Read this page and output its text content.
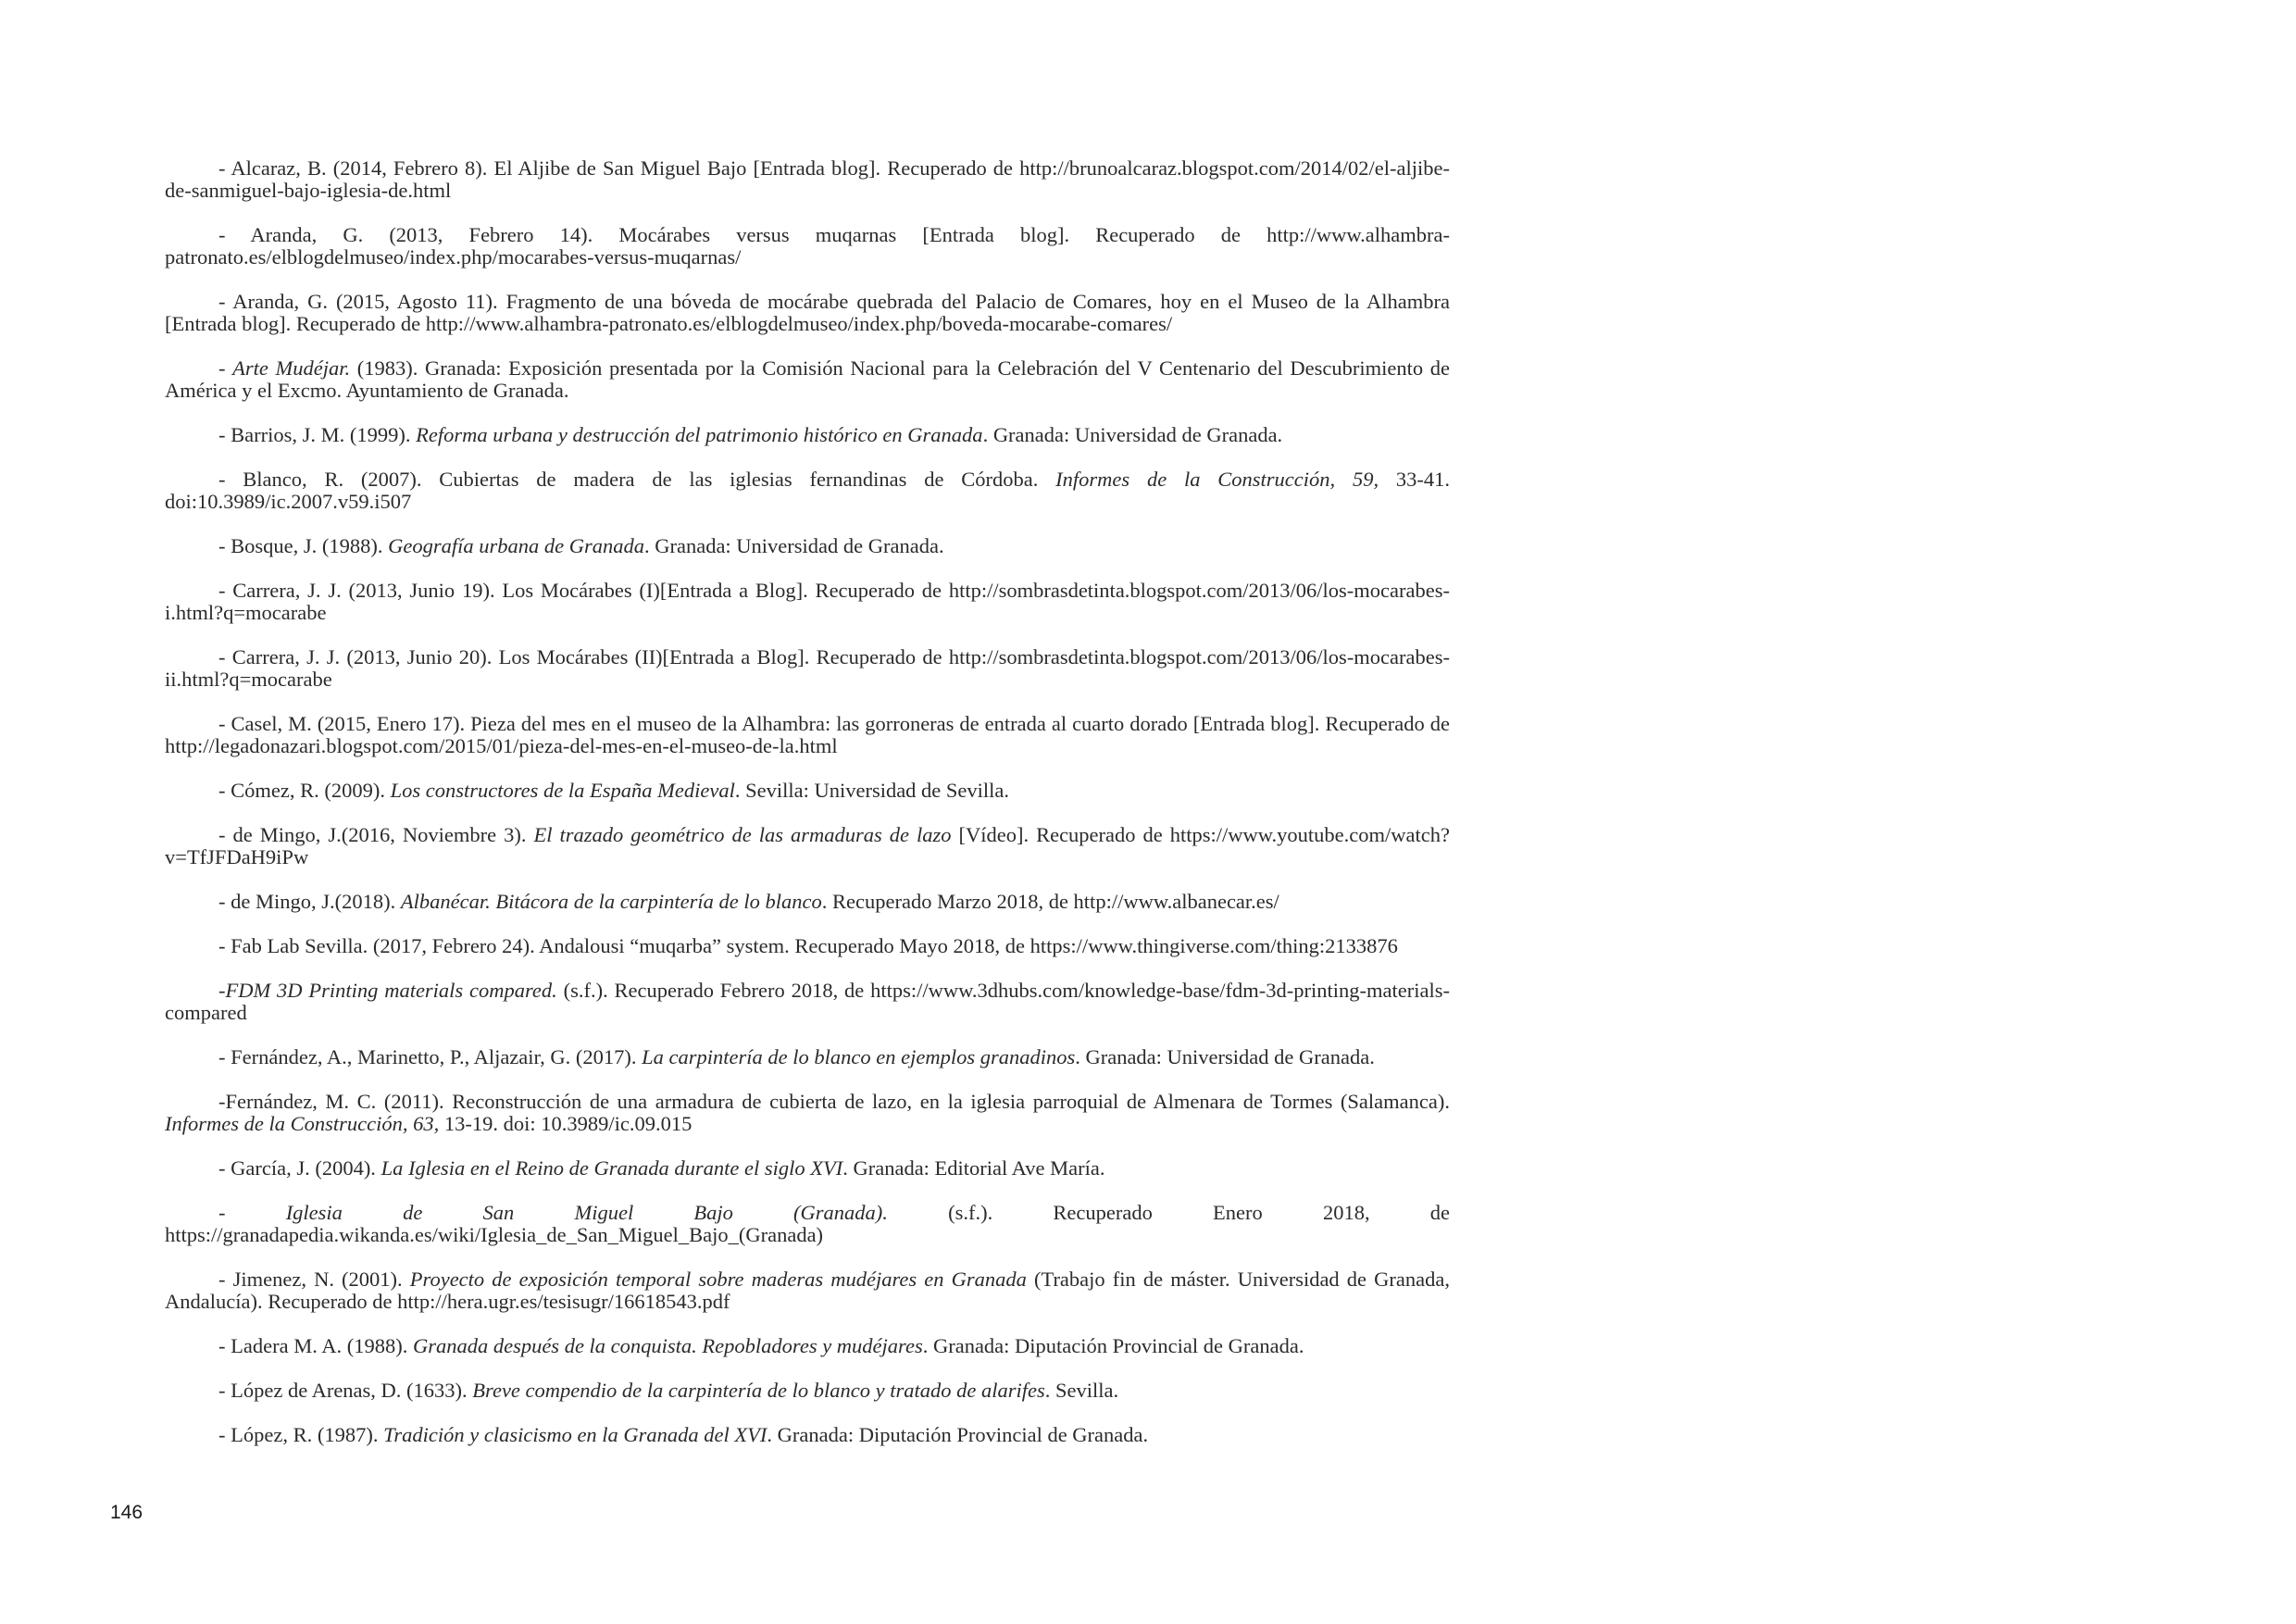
- Alcaraz, B. (2014, Febrero 8). El Aljibe de San Miguel Bajo [Entrada blog]. Recuperado de http://brunoalcaraz.blogspot.com/2014/02/el-aljibe-de-sanmiguel-bajo-iglesia-de.html
- Aranda, G. (2013, Febrero 14). Mocárabes versus muqarnas [Entrada blog]. Recuperado de http://www.alhambra-patronato.es/elblogdelmuseo/index.php/mocarabes-versus-muqarnas/
- Aranda, G. (2015, Agosto 11). Fragmento de una bóveda de mocárabe quebrada del Palacio de Comares, hoy en el Museo de la Alhambra [Entrada blog]. Recuperado de http://www.alhambra-patronato.es/elblogdelmuseo/index.php/boveda-mocarabe-comares/
- Arte Mudéjar. (1983). Granada: Exposición presentada por la Comisión Nacional para la Celebración del V Centenario del Descubrimiento de América y el Excmo. Ayuntamiento de Granada.
- Barrios, J. M. (1999). Reforma urbana y destrucción del patrimonio histórico en Granada. Granada: Universidad de Granada.
- Blanco, R. (2007). Cubiertas de madera de las iglesias fernandinas de Córdoba. Informes de la Construcción, 59, 33-41. doi:10.3989/ic.2007.v59.i507
- Bosque, J. (1988). Geografía urbana de Granada. Granada: Universidad de Granada.
- Carrera, J. J. (2013, Junio 19). Los Mocárabes (I)[Entrada a Blog]. Recuperado de http://sombrasdetinta.blogspot.com/2013/06/los-mocarabes-i.html?q=mocarabe
- Carrera, J. J. (2013, Junio 20). Los Mocárabes (II)[Entrada a Blog]. Recuperado de http://sombrasdetinta.blogspot.com/2013/06/los-mocarabes-ii.html?q=mocarabe
- Casel, M. (2015, Enero 17). Pieza del mes en el museo de la Alhambra: las gorroneras de entrada al cuarto dorado [Entrada blog]. Recuperado de http://legadonazari.blogspot.com/2015/01/pieza-del-mes-en-el-museo-de-la.html
- Cómez, R. (2009). Los constructores de la España Medieval. Sevilla: Universidad de Sevilla.
- de Mingo, J.(2016, Noviembre 3). El trazado geométrico de las armaduras de lazo [Vídeo]. Recuperado de https://www.youtube.com/watch?v=TfJFDaH9iPw
- de Mingo, J.(2018). Albanécar. Bitácora de la carpintería de lo blanco. Recuperado Marzo 2018, de http://www.albanecar.es/
- Fab Lab Sevilla. (2017, Febrero 24). Andalousi “muqarba” system. Recuperado Mayo 2018, de https://www.thingiverse.com/thing:2133876
-FDM 3D Printing materials compared. (s.f.). Recuperado Febrero 2018, de https://www.3dhubs.com/knowledge-base/fdm-3d-printing-materials-compared
- Fernández, A., Marinetto, P., Aljazair, G. (2017). La carpintería de lo blanco en ejemplos granadinos. Granada: Universidad de Granada.
-Fernández, M. C. (2011). Reconstrucción de una armadura de cubierta de lazo, en la iglesia parroquial de Almenara de Tormes (Salamanca). Informes de la Construcción, 63, 13-19. doi: 10.3989/ic.09.015
- García, J. (2004). La Iglesia en el Reino de Granada durante el siglo XVI. Granada: Editorial Ave María.
- Iglesia de San Miguel Bajo (Granada). (s.f.). Recuperado Enero 2018, de https://granadapedia.wikanda.es/wiki/Iglesia_de_San_Miguel_Bajo_(Granada)
- Jimenez, N. (2001). Proyecto de exposición temporal sobre maderas mudéjares en Granada (Trabajo fin de máster. Universidad de Granada, Andalucía). Recuperado de http://hera.ugr.es/tesisugr/16618543.pdf
- Ladera M. A. (1988). Granada después de la conquista. Repobladores y mudéjares. Granada: Diputación Provincial de Granada.
- López de Arenas, D. (1633). Breve compendio de la carpintería de lo blanco y tratado de alarifes. Sevilla.
- López, R. (1987). Tradición y clasicismo en la Granada del XVI. Granada: Diputación Provincial de Granada.
146
